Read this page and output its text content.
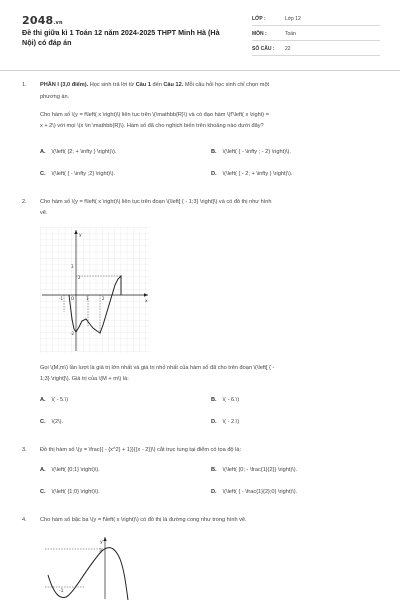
2048.vn
Đề thi giữa kì 1 Toán 12 năm 2024-2025 THPT Minh Hà (Hà Nội) có đáp án
LỚP :	Lớp 12
MÔN :	Toán
SỐ CÂU : 22
1. PHẦN I (3,0 điểm). Học sinh trả lời từ Câu 1 đến Câu 12. Mỗi câu hỏi học sinh chỉ chọn một
phương án.
Cho hàm số \(y = f\left( x \right)\) liên tục trên \(\mathbb{R}\) và có đạo hàm \(f'\left( x \right) =
x + 2\) với mọi \(x \in \mathbb{R}\). Hàm số đã cho nghịch biến trên khoảng nào dưới đây?
A. \(\left( {2; + \infty } \right)\).	B. \(\left( { - \infty ; - 2} \right)\).
C. \(\left( { - \infty ;2} \right)\).	D. \(\left( { - 2; + \infty } \right)\).
2. Cho hàm số \(y = f\left( x \right)\) liên tục trên đoạn \(\left[ { - 1;3} \right]\) và có đồ thị như hình
vẽ.
y
x
O
3
2
-1	1
-2
2
Gọi \(M,m\) lần lượt là giá trị lớn nhất và giá trị nhỏ nhất của hàm số đã cho trên đoạn \(\left[ { -
1;3} \right]\). Giá trị của \(M + m\) là:
A. \( - 5.\)	B. \( - 6.\)
C. \(2\).	D. \( - 2.\)
3. Đồ thị hàm số \(y = \frac{{ - {x^2} + 1}}{{x - 2}}\) cắt trục tung tại điểm có tọa độ là:
A. \(\left( {0;1} \right)\).	B. \(\left( {0; - \frac{1}{2}} \right)\).
C. \(\left( {1;0} \right)\).	D. \(\left( { - \frac{1}{2};0} \right)\).
4. Cho hàm số bậc ba \(y = f\left( x \right)\) có đồ thị là đường cong như trong hình vẽ.
y
3
-1
